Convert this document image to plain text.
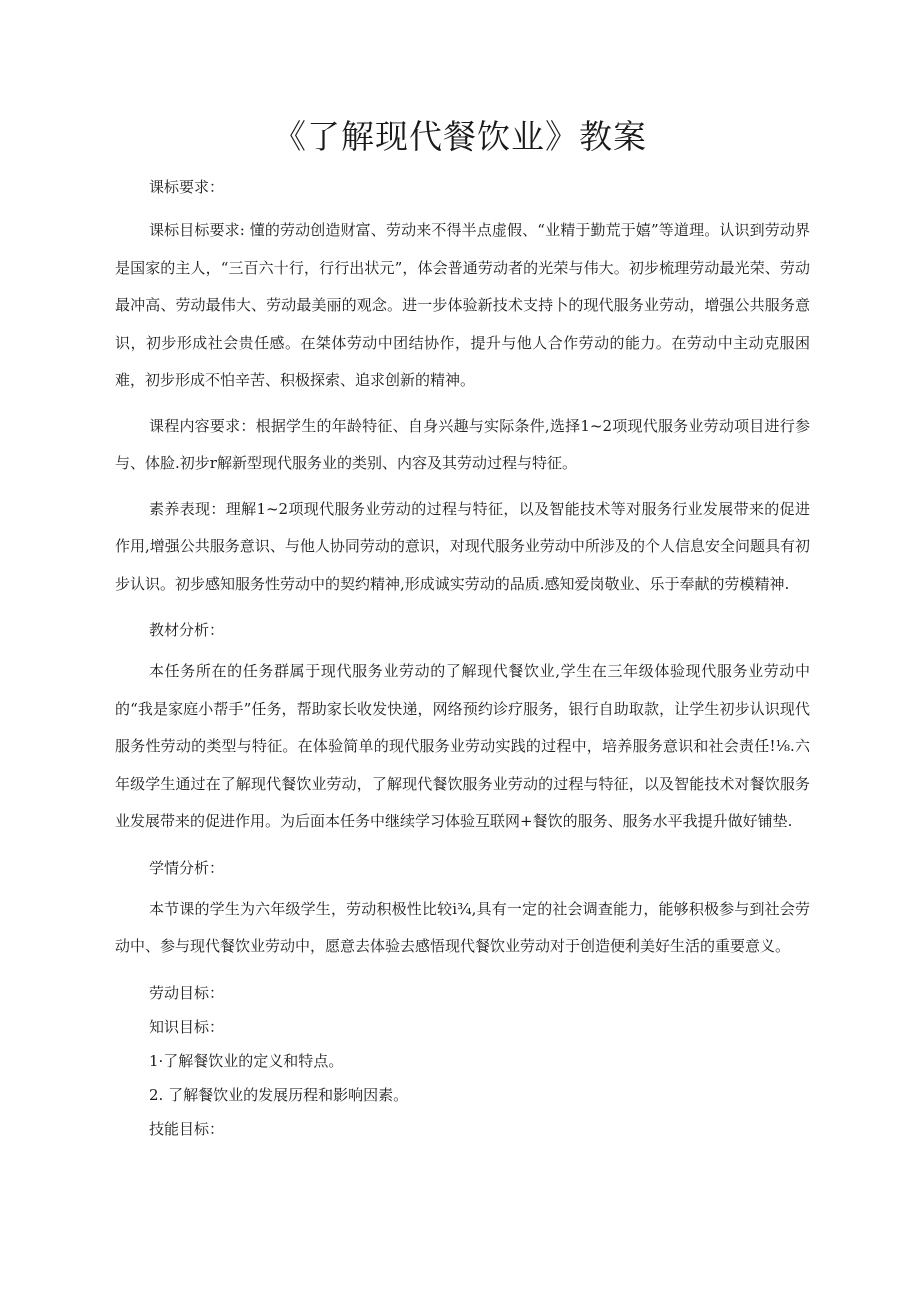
《了解现代餐饮业》教案

课标要求：

课标目标要求: 懂的劳动创造财富、劳动来不得半点虚假、“业精于勤荒于嬉”等道理。认识到劳动界是国家的主人，“三百六十行，行行出状元”，体会普通劳动者的光荣与伟大。初步梳理劳动最光荣、劳动最冲高、劳动最伟大、劳动最美丽的观念。进一步体验新技术支持卜的现代服务业劳动，增强公共服务意识，初步形成社会贵任感。在桀体劳动中团结协作，提升与他人合作劳动的能力。在劳动中主动克服困难，初步形成不怕辛苦、积极探索、追求创新的精神。

课程内容要求：根据学生的年龄特征、自身兴趣与实际条件,选择1~2项现代服务业劳动项目进行参与、体脸.初步r解新型现代服务业的类别、内容及其劳动过程与特征。

素养表现：理解1~2项现代服务业劳动的过程与特征，以及智能技术等对服务行业发展带来的促进作用,增强公共服务意识、与他人协同劳动的意识，对现代服务业劳动中所涉及的个人信息安全问题具有初步认识。初步感知服务性劳动中的契约精神,形成诚实劳动的品质.感知爱岗敬业、乐于奉献的劳模精神.

教材分析：

本任务所在的任务群属于现代服务业劳动的了解现代餐饮业,学生在三年级体验现代服务业劳动中的“我是家庭小帮手”任务，帮助家长收发快递，网络预约诊疗服务，银行自助取款，让学生初步认识现代服务性劳动的类型与特征。在体验简单的现代服务业劳动实践的过程中，培养服务意识和社会责任!⅛.六年级学生通过在了解现代餐饮业劳动，了解现代餐饮服务业劳动的过程与特征，以及智能技术对餐饮服务业发展带来的促进作用。为后面本任务中继续学习体验互联网+餐饮的服务、服务水平我提升做好铺垫.

学情分析：

本节课的学生为六年级学生，劳动积极性比较i¾,具有一定的社会调查能力，能够积极参与到社会劳动中、参与现代餐饮业劳动中，愿意去体验去感悟现代餐饮业劳动对于创造便利美好生活的重要意义。

劳动目标：

知识目标：

1·了解餐饮业的定义和特点。

2. 了解餐饮业的发展历程和影响因素。

技能目标：
